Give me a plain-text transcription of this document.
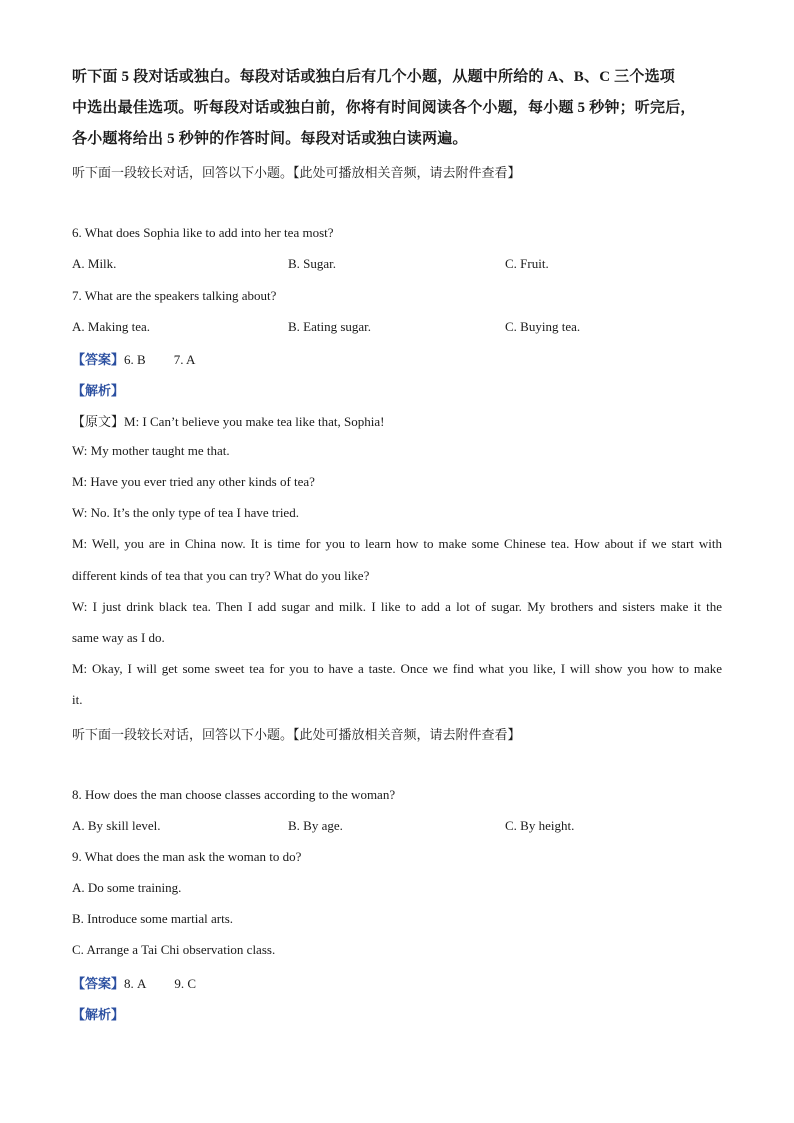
听下面 5 段对话或独白。每段对话或独白后有几个小题，从题中所给的 A、B、C 三个选项
中选出最佳选项。听每段对话或独白前，你将有时间阅读各个小题，每小题 5 秒钟；听完后，
各小题将给出 5 秒钟的作答时间。每段对话或独白读两遍。
听下面一段较长对话，回答以下小题。【此处可播放相关音频，请去附件查看】
6. What does Sophia like to add into her tea most?
A. Milk.	B. Sugar.	C. Fruit.
7. What are the speakers talking about?
A. Making tea.	B. Eating sugar.	C. Buying tea.
【答案】6. B 7. A
【解析】
【原文】M: I Can’t believe you make tea like that, Sophia!
W: My mother taught me that.
M: Have you ever tried any other kinds of tea?
W: No. It’s the only type of tea I have tried.
M: Well, you are in China now. It is time for you to learn how to make some Chinese tea. How about if we start with
different kinds of tea that you can try? What do you like?
W: I just drink black tea. Then I add sugar and milk. I like to add a lot of sugar. My brothers and sisters make it the
same way as I do.
M: Okay, I will get some sweet tea for you to have a taste. Once we find what you like, I will show you how to make
it.
听下面一段较长对话，回答以下小题。【此处可播放相关音频，请去附件查看】
8. How does the man choose classes according to the woman?
A. By skill level.	B. By age.	C. By height.
9. What does the man ask the woman to do?
A. Do some training.
B. Introduce some martial arts.
C. Arrange a Tai Chi observation class.
【答案】8. A 9. C
【解析】
